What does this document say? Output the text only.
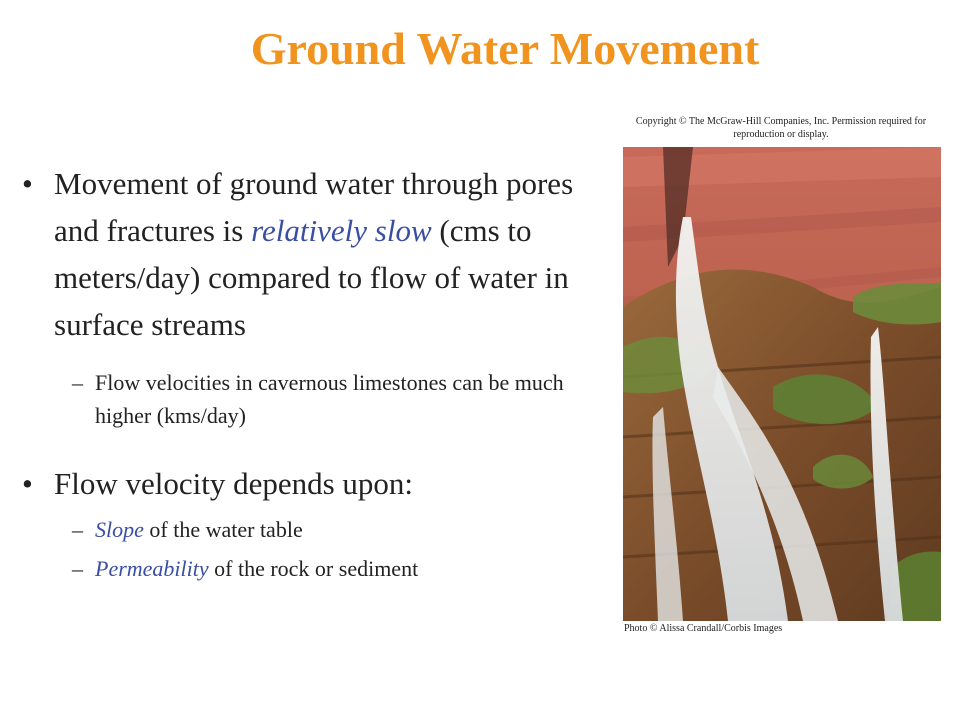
Ground Water Movement
• Movement of ground water through pores and fractures is relatively slow (cms to meters/day) compared to flow of water in surface streams
– Flow velocities in cavernous limestones can be much higher (kms/day)
• Flow velocity depends upon:
– Slope of the water table
– Permeability of the rock or sediment
Copyright © The McGraw-Hill Companies, Inc. Permission required for reproduction or display.
Photo © Alissa Crandall/Corbis Images
